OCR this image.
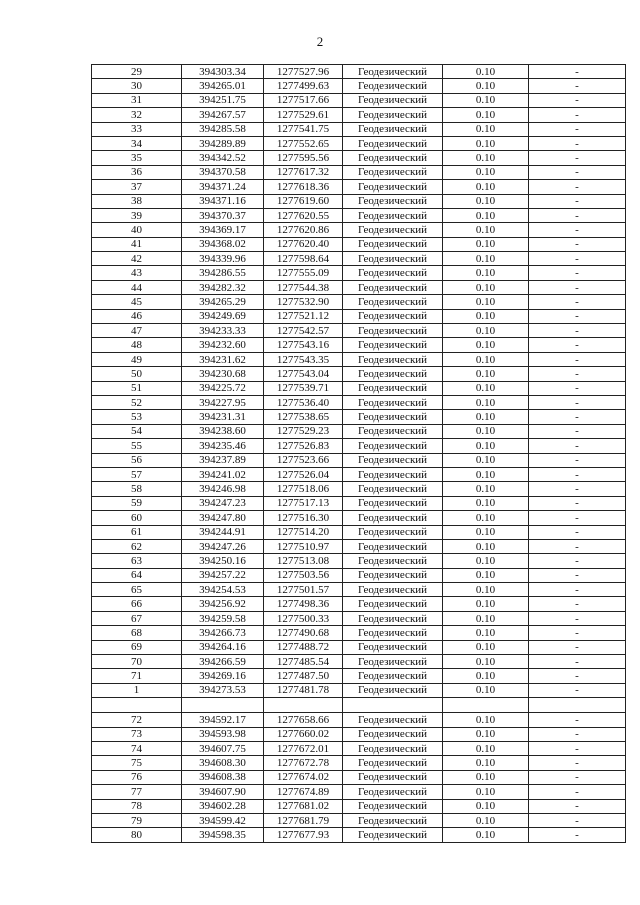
2
29	394303.34	1277527.96	Геодезический	0.10	-
30	394265.01	1277499.63	Геодезический	0.10	-
31	394251.75	1277517.66	Геодезический	0.10	-
32	394267.57	1277529.61	Геодезический	0.10	-
33	394285.58	1277541.75	Геодезический	0.10	-
34	394289.89	1277552.65	Геодезический	0.10	-
35	394342.52	1277595.56	Геодезический	0.10	-
36	394370.58	1277617.32	Геодезический	0.10	-
37	394371.24	1277618.36	Геодезический	0.10	-
38	394371.16	1277619.60	Геодезический	0.10	-
39	394370.37	1277620.55	Геодезический	0.10	-
40	394369.17	1277620.86	Геодезический	0.10	-
41	394368.02	1277620.40	Геодезический	0.10	-
42	394339.96	1277598.64	Геодезический	0.10	-
43	394286.55	1277555.09	Геодезический	0.10	-
44	394282.32	1277544.38	Геодезический	0.10	-
45	394265.29	1277532.90	Геодезический	0.10	-
46	394249.69	1277521.12	Геодезический	0.10	-
47	394233.33	1277542.57	Геодезический	0.10	-
48	394232.60	1277543.16	Геодезический	0.10	-
49	394231.62	1277543.35	Геодезический	0.10	-
50	394230.68	1277543.04	Геодезический	0.10	-
51	394225.72	1277539.71	Геодезический	0.10	-
52	394227.95	1277536.40	Геодезический	0.10	-
53	394231.31	1277538.65	Геодезический	0.10	-
54	394238.60	1277529.23	Геодезический	0.10	-
55	394235.46	1277526.83	Геодезический	0.10	-
56	394237.89	1277523.66	Геодезический	0.10	-
57	394241.02	1277526.04	Геодезический	0.10	-
58	394246.98	1277518.06	Геодезический	0.10	-
59	394247.23	1277517.13	Геодезический	0.10	-
60	394247.80	1277516.30	Геодезический	0.10	-
61	394244.91	1277514.20	Геодезический	0.10	-
62	394247.26	1277510.97	Геодезический	0.10	-
63	394250.16	1277513.08	Геодезический	0.10	-
64	394257.22	1277503.56	Геодезический	0.10	-
65	394254.53	1277501.57	Геодезический	0.10	-
66	394256.92	1277498.36	Геодезический	0.10	-
67	394259.58	1277500.33	Геодезический	0.10	-
68	394266.73	1277490.68	Геодезический	0.10	-
69	394264.16	1277488.72	Геодезический	0.10	-
70	394266.59	1277485.54	Геодезический	0.10	-
71	394269.16	1277487.50	Геодезический	0.10	-
1	394273.53	1277481.78	Геодезический	0.10	-

72	394592.17	1277658.66	Геодезический	0.10	-
73	394593.98	1277660.02	Геодезический	0.10	-
74	394607.75	1277672.01	Геодезический	0.10	-
75	394608.30	1277672.78	Геодезический	0.10	-
76	394608.38	1277674.02	Геодезический	0.10	-
77	394607.90	1277674.89	Геодезический	0.10	-
78	394602.28	1277681.02	Геодезический	0.10	-
79	394599.42	1277681.79	Геодезический	0.10	-
80	394598.35	1277677.93	Геодезический	0.10	-
